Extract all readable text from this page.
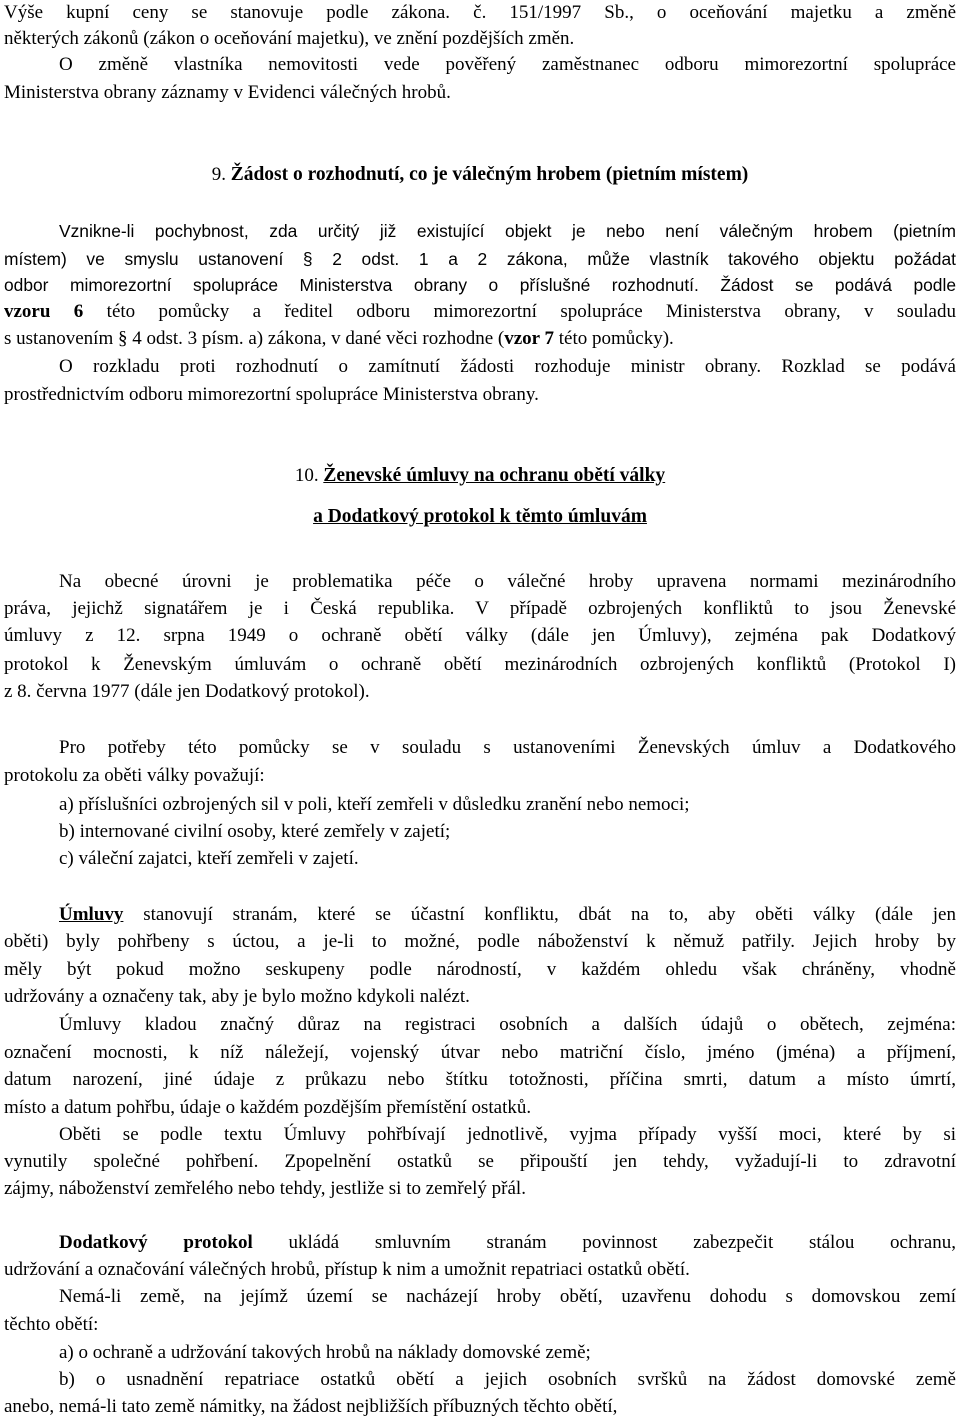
Výše kupní ceny se stanovuje podle zákona. č. 151/1997 Sb., o oceňování majetku a změně

některých zákonů (zákon o oceňování majetku), ve znění pozdějších změn.

O změně vlastníka nemovitosti vede pověřený zaměstnanec odboru mimorezortní spolupráce

Ministerstva obrany záznamy v Evidenci válečných hrobů.

9. Žádost o rozhodnutí, co je válečným hrobem (pietním místem)

Vznikne-li pochybnost, zda určitý již existující objekt je nebo není válečným hrobem (pietním

místem) ve smyslu ustanovení § 2 odst. 1 a 2 zákona, může vlastník takového objektu požádat

odbor mimorezortní spolupráce Ministerstva obrany o příslušné rozhodnutí. Žádost se podává podle

vzoru 6 této pomůcky a ředitel odboru mimorezortní spolupráce Ministerstva obrany, v souladu

s ustanovením § 4 odst. 3 písm. a) zákona, v dané věci rozhodne (vzor 7 této pomůcky).

O rozkladu proti rozhodnutí o zamítnutí žádosti rozhoduje ministr obrany. Rozklad se podává

prostřednictvím odboru mimorezortní spolupráce Ministerstva obrany.

10. Ženevské úmluvy na ochranu obětí války

a Dodatkový protokol k těmto úmluvám

Na obecné úrovni je problematika péče o válečné hroby upravena normami mezinárodního

práva, jejichž signatářem je i Česká republika. V případě ozbrojených konfliktů to jsou Ženevské

úmluvy z 12. srpna 1949 o ochraně obětí války (dále jen Úmluvy), zejména pak Dodatkový

protokol k Ženevským úmluvám o ochraně obětí mezinárodních ozbrojených konfliktů (Protokol I)

z 8. června 1977 (dále jen Dodatkový protokol).

Pro potřeby této pomůcky se v souladu s ustanoveními Ženevských úmluv a Dodatkového

protokolu za oběti války považují:

a) příslušníci ozbrojených sil v poli, kteří zemřeli v důsledku zranění nebo nemoci;

b) internované civilní osoby, které zemřely v zajetí;

c) váleční zajatci, kteří zemřeli v zajetí.

Úmluvy stanovují stranám, které se účastní konfliktu, dbát na to, aby oběti války (dále jen

oběti) byly pohřbeny s úctou, a je-li to možné, podle náboženství k němuž patřily. Jejich hroby by

měly být pokud možno seskupeny podle národností, v každém ohledu však chráněny, vhodně

udržovány a označeny tak, aby je bylo možno kdykoli nalézt.

Úmluvy kladou značný důraz na registraci osobních a dalších údajů o obětech, zejména:

označení mocnosti, k níž náležejí, vojenský útvar nebo matriční číslo, jméno (jména) a příjmení,

datum narození, jiné údaje z průkazu nebo štítku totožnosti, příčina smrti, datum a místo úmrtí,

místo a datum pohřbu, údaje o každém pozdějším přemístění ostatků.

Oběti se podle textu Úmluvy pohřbívají jednotlivě, vyjma případy vyšší moci, které by si

vynutily společné pohřbení. Zpopelnění ostatků se připouští jen tehdy, vyžadují-li to zdravotní

zájmy, náboženství zemřelého nebo tehdy, jestliže si to zemřelý přál.

Dodatkový protokol ukládá smluvním stranám povinnost zabezpečit stálou ochranu,

udržování a označování válečných hrobů, přístup k nim a umožnit repatriaci ostatků obětí.

Nemá-li země, na jejímž území se nacházejí hroby obětí, uzavřenu dohodu s domovskou zemí

těchto obětí:

a) o ochraně a udržování takových hrobů na náklady domovské země;

b) o usnadnění repatriace ostatků obětí a jejich osobních svršků na žádost domovské země

anebo, nemá-li tato země námitky, na žádost nejbližších příbuzných těchto obětí,
